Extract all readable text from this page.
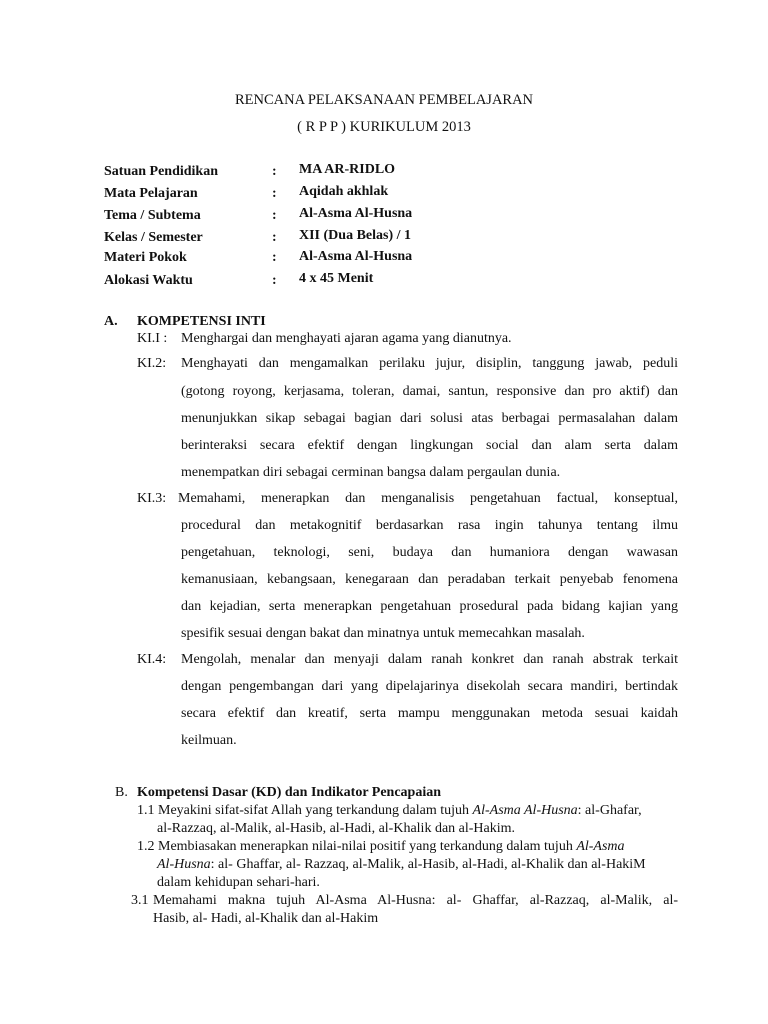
RENCANA PELAKSANAAN PEMBELAJARAN
( R P P ) KURIKULUM 2013
Satuan Pendidikan	: MA AR-RIDLO
Mata Pelajaran	: Aqidah akhlak
Tema / Subtema	: Al-Asma Al-Husna
Kelas / Semester	: XII (Dua Belas) / 1
Materi Pokok	: Al-Asma Al-Husna
Alokasi Waktu	: 4 x 45 Menit
A. KOMPETENSI INTI
KI.I : Menghargai dan menghayati ajaran agama yang dianutnya.
KI.2: Menghayati dan mengamalkan perilaku jujur, disiplin, tanggung jawab, peduli
(gotong royong, kerjasama, toleran, damai, santun, responsive dan pro aktif) dan
menunjukkan sikap sebagai bagian dari solusi atas berbagai permasalahan dalam
berinteraksi secara efektif dengan lingkungan social dan alam serta dalam
menempatkan diri sebagai cerminan bangsa dalam pergaulan dunia.
KI.3: Memahami, menerapkan dan menganalisis pengetahuan factual, konseptual,
procedural dan metakognitif berdasarkan rasa ingin tahunya tentang ilmu
pengetahuan, teknologi, seni, budaya dan humaniora dengan wawasan
kemanusiaan, kebangsaan, kenegaraan dan peradaban terkait penyebab fenomena
dan kejadian, serta menerapkan pengetahuan prosedural pada bidang kajian yang
spesifik sesuai dengan bakat dan minatnya untuk memecahkan masalah.
KI.4: Mengolah, menalar dan menyaji dalam ranah konkret dan ranah abstrak terkait
dengan pengembangan dari yang dipelajarinya disekolah secara mandiri, bertindak
secara efektif dan kreatif, serta mampu menggunakan metoda sesuai kaidah
keilmuan.
B. Kompetensi Dasar (KD) dan Indikator Pencapaian
1.1 Meyakini sifat-sifat Allah yang terkandung dalam tujuh Al-Asma Al-Husna: al-Ghafar,
al-Razzaq, al-Malik, al-Hasib, al-Hadi, al-Khalik dan al-Hakim.
1.2 Membiasakan menerapkan nilai-nilai positif yang terkandung dalam tujuh Al-Asma
Al-Husna: al- Ghaffar, al- Razzaq, al-Malik, al-Hasib, al-Hadi, al-Khalik dan al-HakiM
dalam kehidupan sehari-hari.
3.1 Memahami makna tujuh Al-Asma Al-Husna: al- Ghaffar, al-Razzaq, al-Malik, al-
Hasib, al- Hadi, al-Khalik dan al-Hakim
